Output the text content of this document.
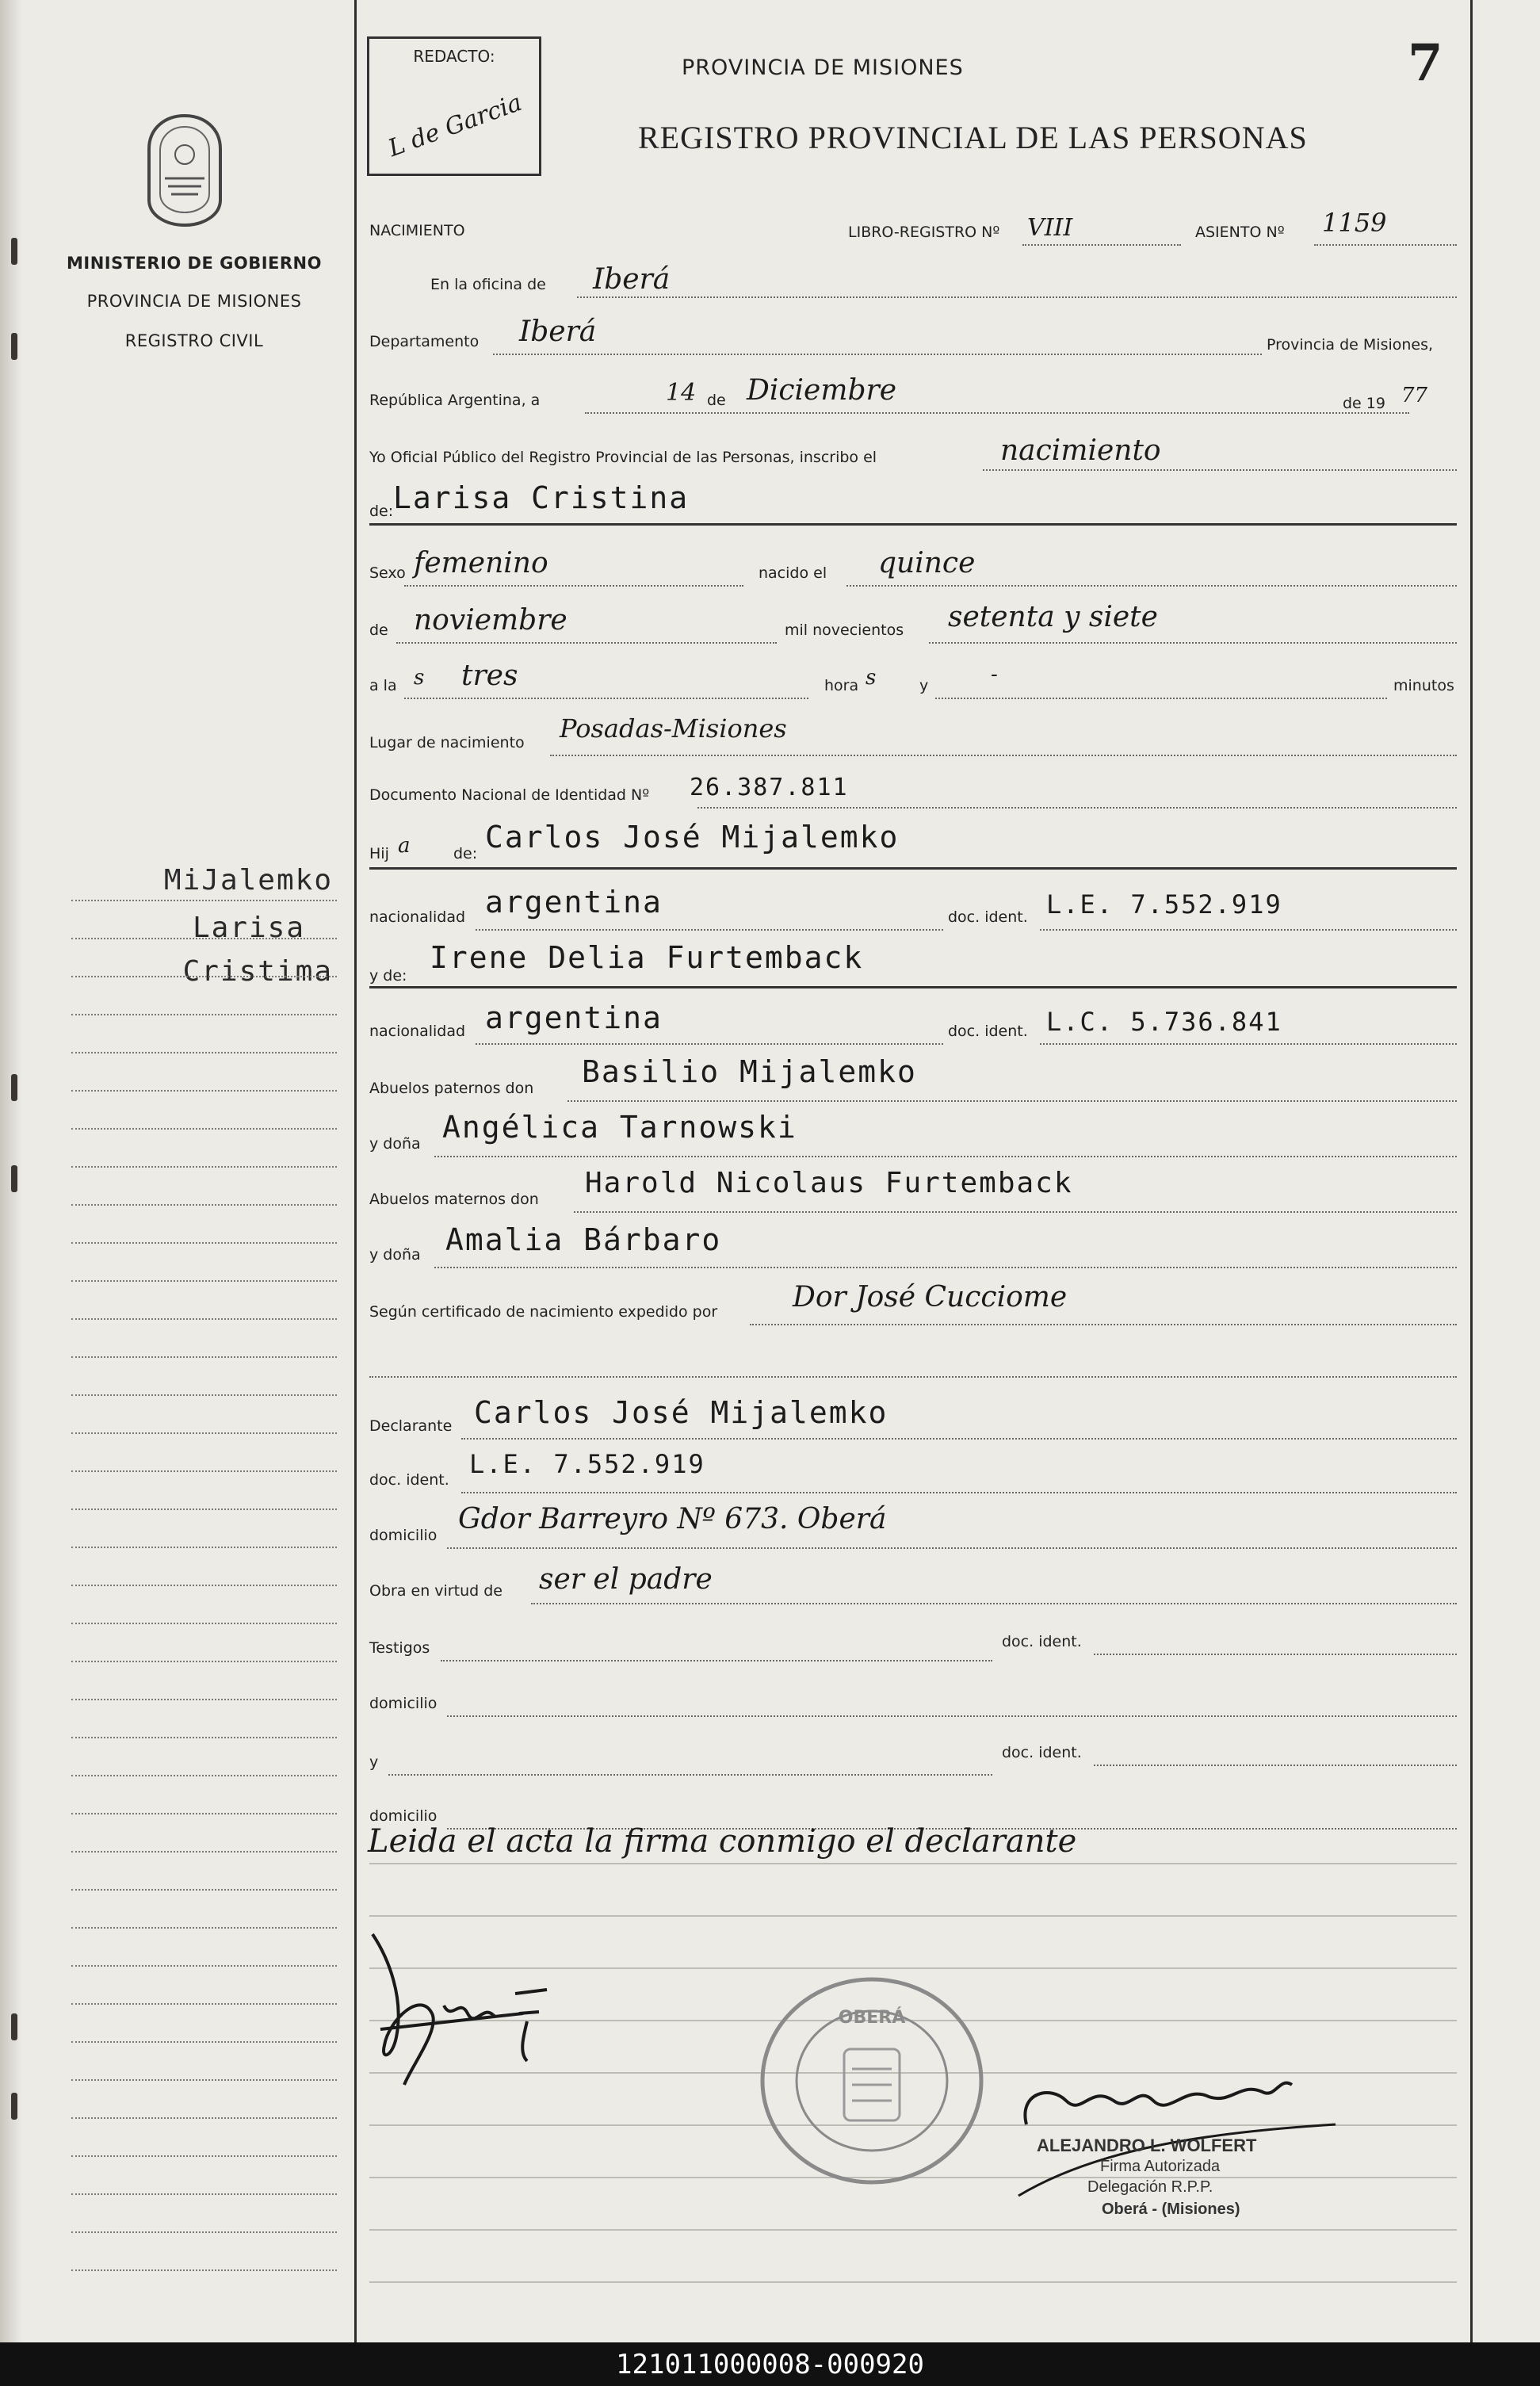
MINISTERIO DE GOBIERNO
PROVINCIA DE MISIONES
REGISTRO CIVIL
MiJalemko
Larisa
Cristima
REDACTO:
L de Garcia
7
PROVINCIA DE MISIONES
REGISTRO PROVINCIAL DE LAS PERSONAS
NACIMIENTO	LIBRO-REGISTRO Nº VIII	ASIENTO Nº 1159
En la oficina de Iberá
Departamento Iberá	Provincia de Misiones,
República Argentina, a	14 de Diciembre	de 19 77
Yo Oficial Público del Registro Provincial de las Personas, inscribo el	nacimiento
de: Larisa Cristina
Sexo femenino	nacido el quince
de noviembre	mil novecientos setenta y siete
a la s tres	hora s	y	-	minutos
Lugar de nacimiento Posadas-Misiones
Documento Nacional de Identidad Nº 26.387.811
Hij a	de: Carlos José Mijalemko
nacionalidad argentina	doc. ident. L.E. 7.552.919
y de:
Irene Delia Furtemback
nacionalidad argentina	doc. ident. L.C. 5.736.841
Abuelos paternos don Basilio Mijalemko
y doña Angélica Tarnowski
Abuelos maternos don Harold Nicolaus Furtemback
y doña Amalia Bárbaro
Según certificado de nacimiento expedido por	Dor José Cucciome
Declarante Carlos José Mijalemko
doc. ident.
L.E. 7.552.919
domicilio Gdor Barreyro Nº 673. Oberá
Obra en virtud de ser el padre
Testigos	doc. ident.
domicilio
y
doc. ident.
domicilio
Leida el acta la firma conmigo el declarante
OBERÁ
ALEJANDRO L. WOLFERT
Firma Autorizada
Delegación R.P.P.
Oberá - (Misiones)
121011000008-000920
